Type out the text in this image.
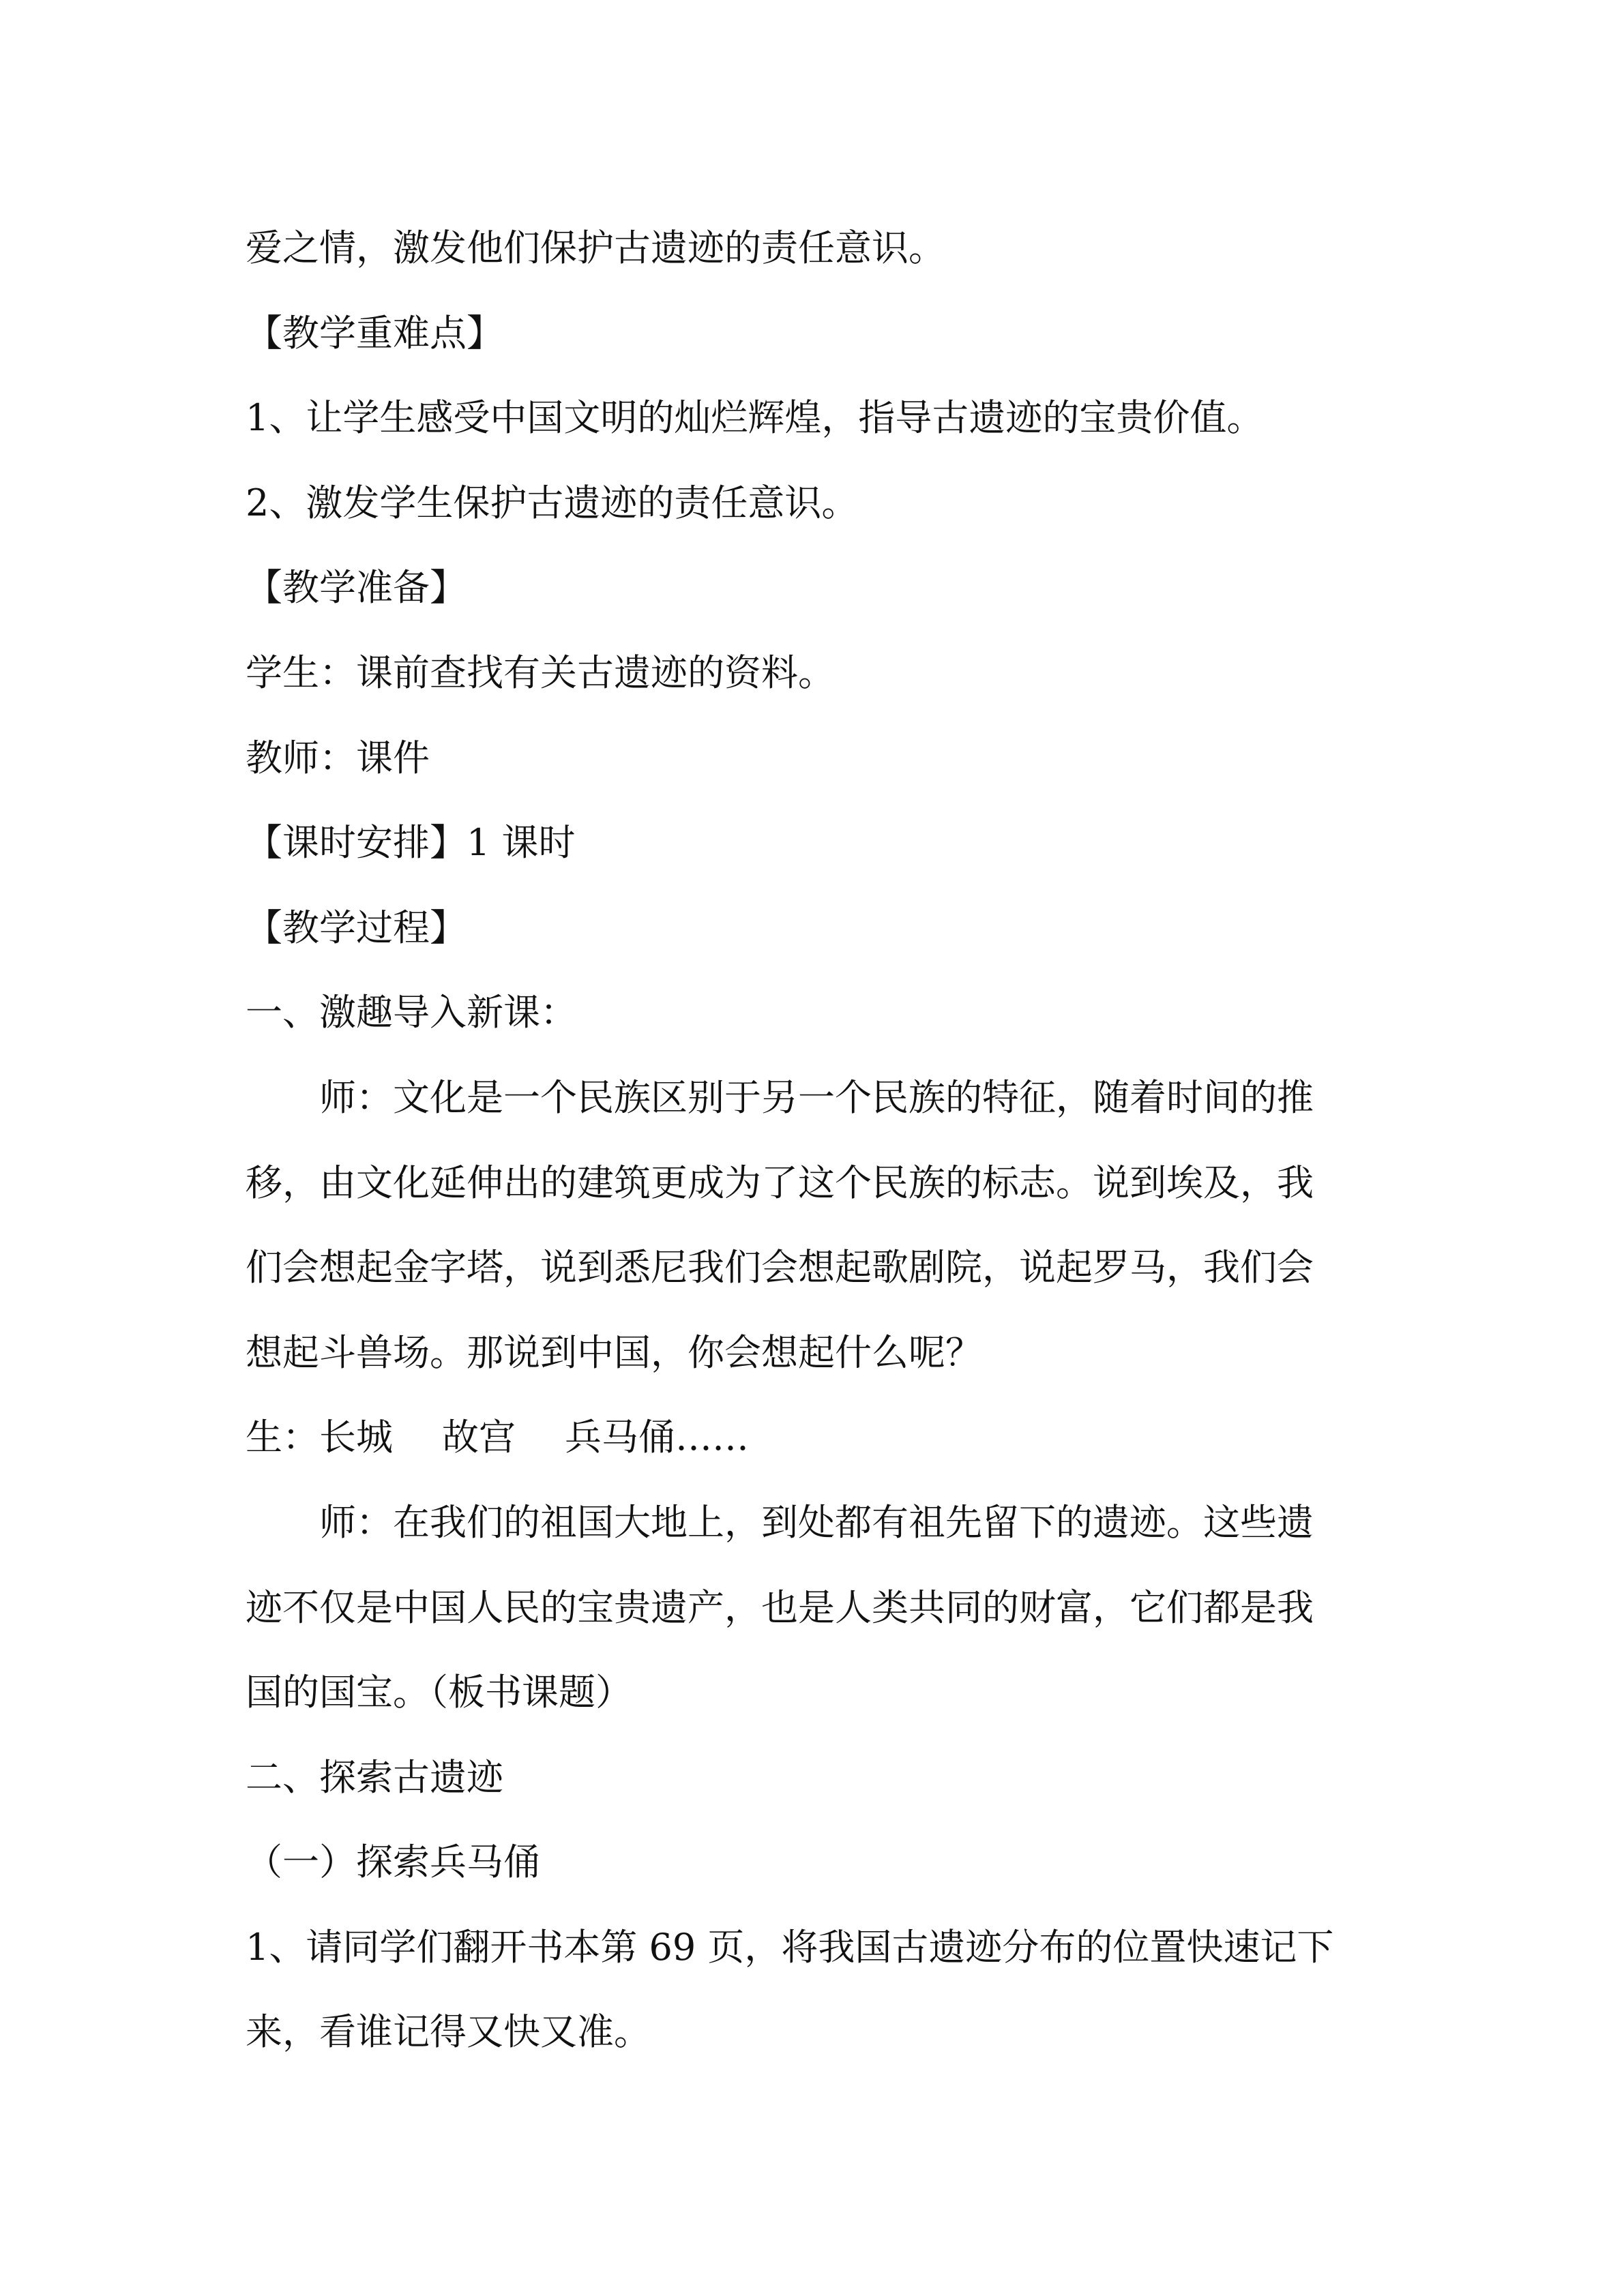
爱之情，激发他们保护古遗迹的责任意识。

【教学重难点】

1、让学生感受中国文明的灿烂辉煌，指导古遗迹的宝贵价值。

2、激发学生保护古遗迹的责任意识。

【教学准备】

学生：课前查找有关古遗迹的资料。

教师：课件

【课时安排】1 课时

【教学过程】

一、激趣导入新课：

师：文化是一个民族区别于另一个民族的特征，随着时间的推

移，由文化延伸出的建筑更成为了这个民族的标志。说到埃及，我

们会想起金字塔，说到悉尼我们会想起歌剧院，说起罗马，我们会

想起斗兽场。那说到中国，你会想起什么呢？

生：长城 故宫 兵马俑……

师：在我们的祖国大地上，到处都有祖先留下的遗迹。这些遗

迹不仅是中国人民的宝贵遗产，也是人类共同的财富，它们都是我

国的国宝。（板书课题）

二、探索古遗迹

（一）探索兵马俑

1、请同学们翻开书本第 69 页，将我国古遗迹分布的位置快速记下

来，看谁记得又快又准。
